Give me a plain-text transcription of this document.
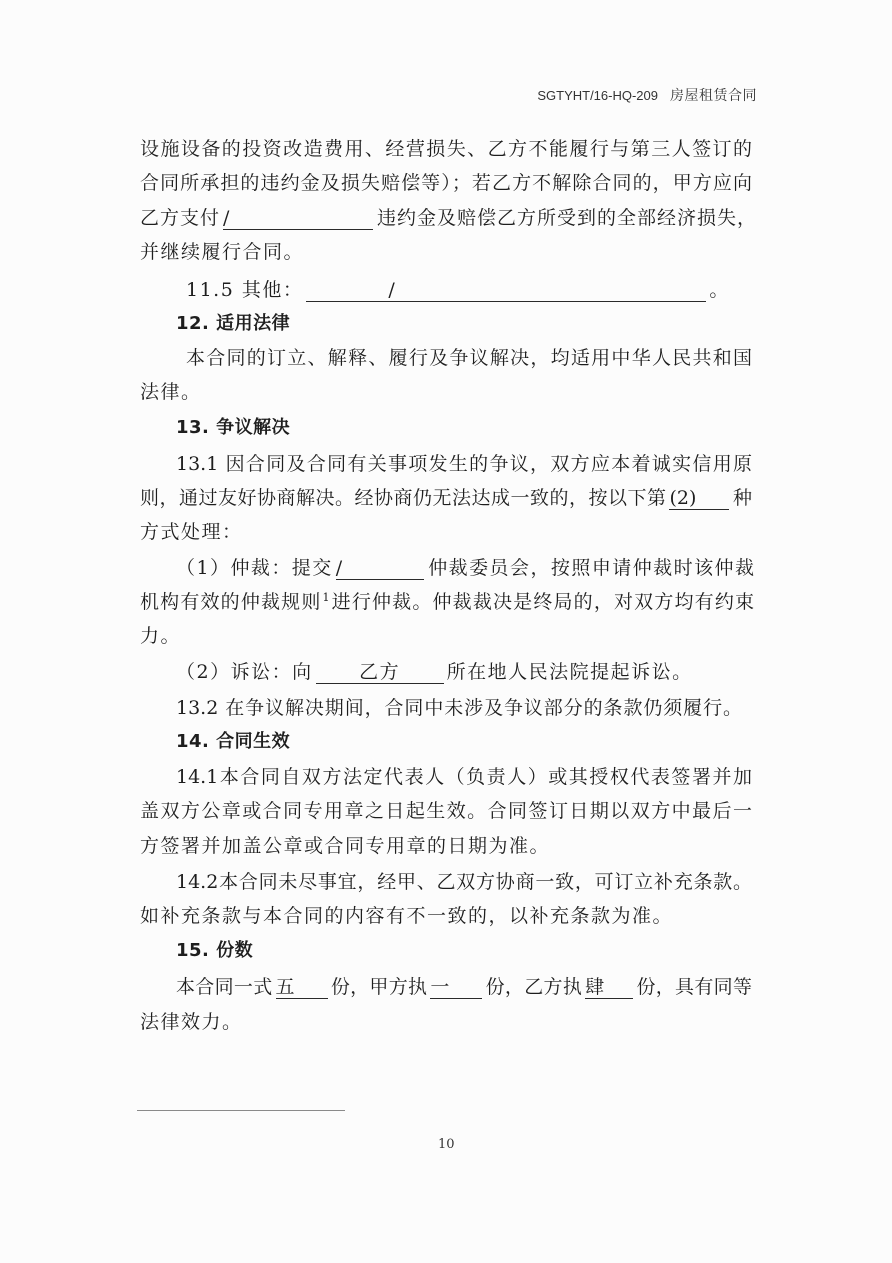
SGTYHT/16-HQ-209 房屋租赁合同
设施设备的投资改造费用、经营损失、乙方不能履行与第三人签订的
合同所承担的违约金及损失赔偿等）；若乙方不解除合同的，甲方应向
乙方支付 /	违约金及赔偿乙方所受到的全部经济损失，
并继续履行合同。
11.5 其他：	/	。
12. 适用法律
本合同的订立、解释、履行及争议解决，均适用中华人民共和国
法律。
13. 争议解决
13.1 因合同及合同有关事项发生的争议，双方应本着诚实信用原
则，通过友好协商解决。经协商仍无法达成一致的，按以下第 (2) 种
方式处理：
（1）仲裁：提交 /	仲裁委员会，按照申请仲裁时该仲裁
机构有效的仲裁规则$^1$进行仲裁。仲裁裁决是终局的，对双方均有约束
力。
（2）诉讼：向 乙方 所在地人民法院提起诉讼。
13.2 在争议解决期间，合同中未涉及争议部分的条款仍须履行。
14. 合同生效
14.1本合同自双方法定代表人（负责人）或其授权代表签署并加
盖双方公章或合同专用章之日起生效。合同签订日期以双方中最后一
方签署并加盖公章或合同专用章的日期为准。
14.2本合同未尽事宜，经甲、乙双方协商一致，可订立补充条款。
如补充条款与本合同的内容有不一致的，以补充条款为准。
15. 份数
本合同一式 五 份，甲方执 一 份，乙方执 肆 份，具有同等
法律效力。
10
